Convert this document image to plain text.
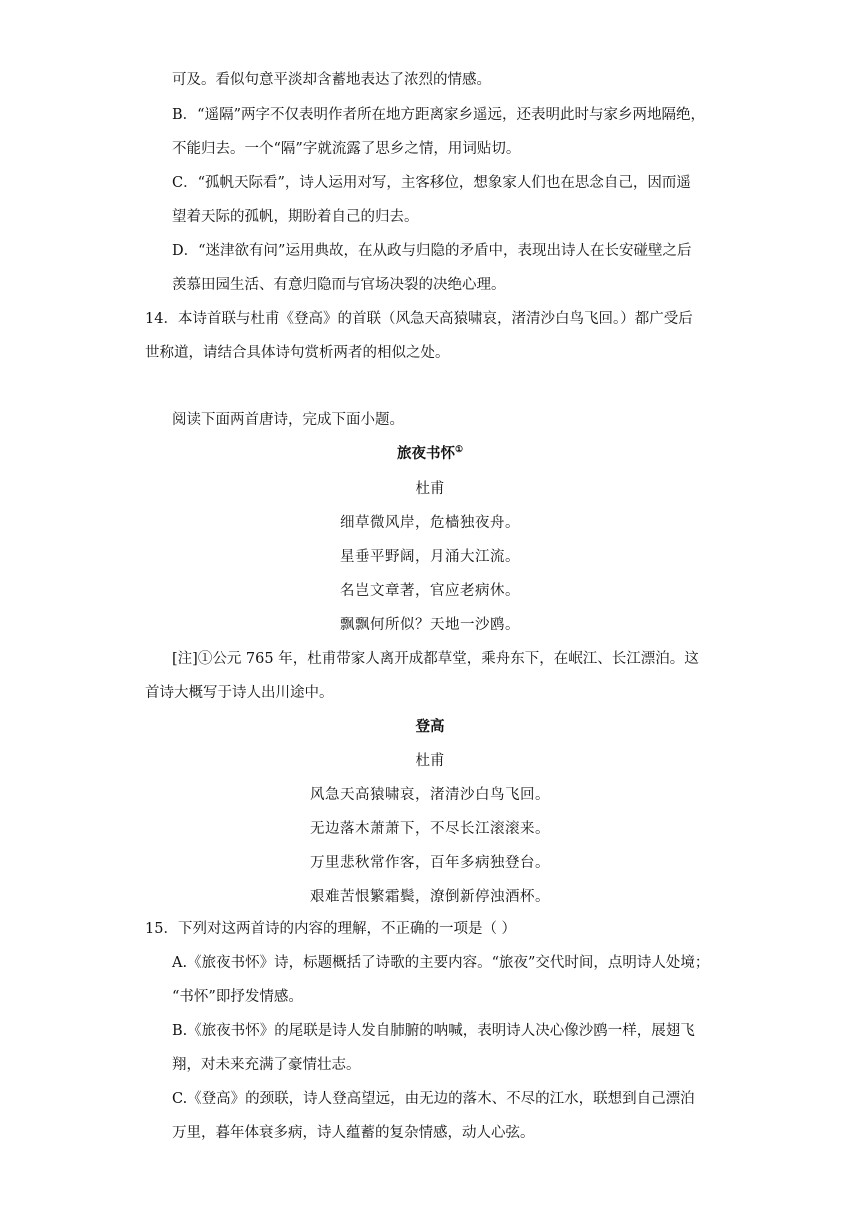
可及。看似句意平淡却含蓄地表达了浓烈的情感。
B．“遥隔”两字不仅表明作者所在地方距离家乡遥远，还表明此时与家乡两地隔绝，
不能归去。一个“隔”字就流露了思乡之情，用词贴切。
C．“孤帆天际看”，诗人运用对写，主客移位，想象家人们也在思念自己，因而遥
望着天际的孤帆，期盼着自己的归去。
D．“迷津欲有问”运用典故，在从政与归隐的矛盾中，表现出诗人在长安碰壁之后
羡慕田园生活、有意归隐而与官场决裂的决绝心理。
14．本诗首联与杜甫《登高》的首联（风急天高猿啸哀，渚清沙白鸟飞回。）都广受后
世称道，请结合具体诗句赏析两者的相似之处。
阅读下面两首唐诗，完成下面小题。
旅夜书怀①
杜甫
细草微风岸，危樯独夜舟。
星垂平野阔，月涌大江流。
名岂文章著，官应老病休。
飘飘何所似？天地一沙鸥。
[注]①公元 765 年，杜甫带家人离开成都草堂，乘舟东下，在岷江、长江漂泊。这
首诗大概写于诗人出川途中。
登高
杜甫
风急天高猿啸哀，渚清沙白鸟飞回。
无边落木萧萧下，不尽长江滚滚来。
万里悲秋常作客，百年多病独登台。
艰难苦恨繁霜鬓，潦倒新停浊酒杯。
15．下列对这两首诗的内容的理解，不正确的一项是（ ）
A.《旅夜书怀》诗，标题概括了诗歌的主要内容。“旅夜”交代时间，点明诗人处境；
“书怀”即抒发情感。
B.《旅夜书怀》的尾联是诗人发自肺腑的呐喊，表明诗人决心像沙鸥一样，展翅飞
翔，对未来充满了豪情壮志。
C.《登高》的颈联，诗人登高望远，由无边的落木、不尽的江水，联想到自己漂泊
万里，暮年体衰多病，诗人蕴蓄的复杂情感，动人心弦。
